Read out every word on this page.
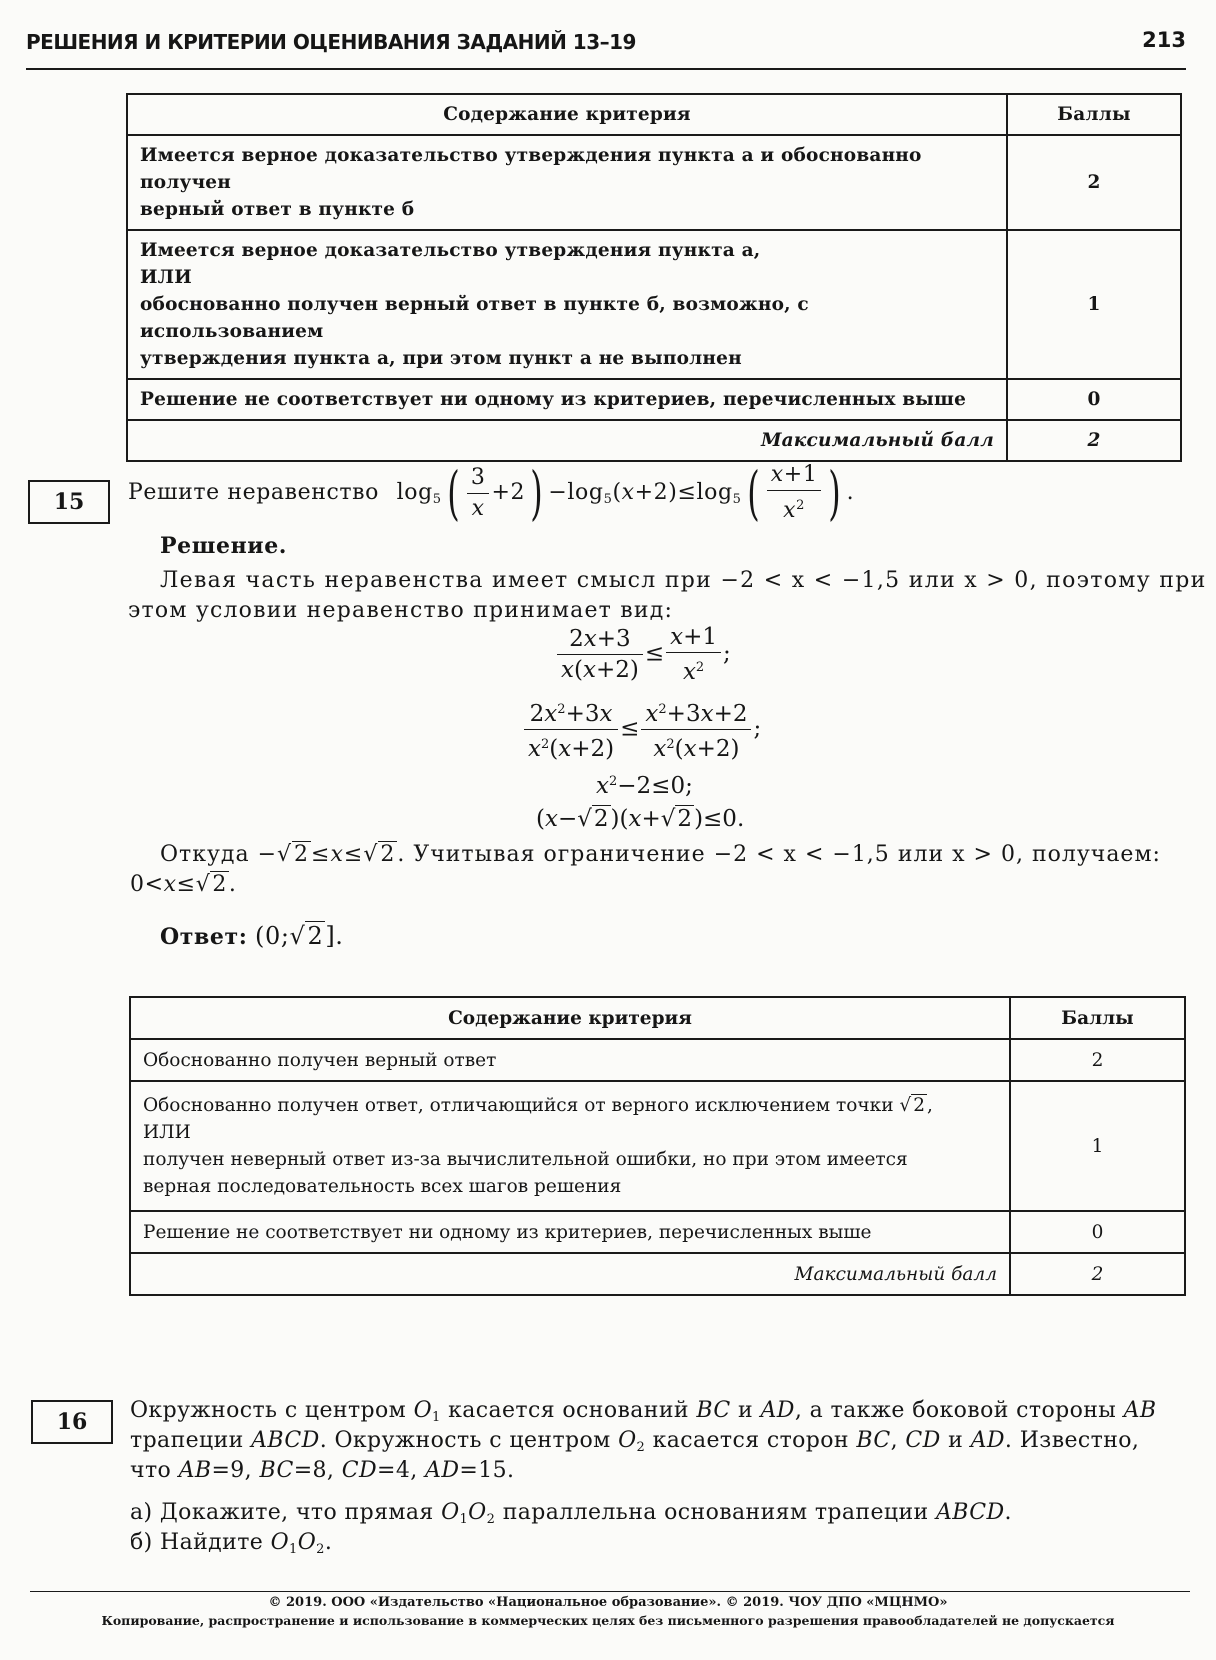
РЕШЕНИЯ И КРИТЕРИИ ОЦЕНИВАНИЯ ЗАДАНИЙ 13–19	213
Содержание критерия	Баллы

Имеется верное доказательство утверждения пункта а и обоснованно получен
верный ответ в пункте б	2

Имеется верное доказательство утверждения пункта а,
ИЛИ
обоснованно получен верный ответ в пункте б, возможно, с использованием
утверждения пункта а, при этом пункт а не выполнен	1
Решение не соответствует ни одному из критериев, перечисленных выше	0
Максимальный балл	2
15	Решите неравенство $\log_5( \frac{3}{x} +2) -\log_5(x+2)\le\log_5( \frac{x+1}{x^2}$ ) .
Решение.
Левая часть неравенства имеет смысл при −2 < x < −1,5 или x > 0, поэтому при
этом условии неравенство принимает вид:
$\frac{2x+3}{x(x+2)} \le \frac{x+1}{x^2}$ ;
$\frac{2x^2+3x}{x^2(x+2)} \le \frac{x^2+3x+2}{x^2(x+2)}$ ;
$x^2-2\le 0$;
(x−√2)(x+√2)≤0.
Откуда −√2≤x≤√2. Учитывая ограничение −2 < x < −1,5 или x > 0, получаем:
0<x≤√2.
Ответ: (0;√2].
Содержание критерия	Баллы
Обоснованно получен верный ответ	2

Обоснованно получен ответ, отличающийся от верного исключением точки √ 2 ,
ИЛИ
получен неверный ответ из-за вычислительной ошибки, но при этом имеется
верная последовательность всех шагов решения	1
Решение не соответствует ни одному из критериев, перечисленных выше	0
Максимальный балл	2
16	Окружность с центром $O_1$ касается оснований BC и AD, а также боковой стороны AB
трапеции ABCD. Окружность с центром $O_2$ касается сторон BC, CD и AD. Известно,
что AB=9, BC=8, CD=4, AD=15.
а) Докажите, что прямая $O_1O_2$ параллельна основаниям трапеции ABCD.
б) Найдите $O_1O_2$.
© 2019. ООО «Издательство «Национальное образование». © 2019. ЧОУ ДПО «МЦНМО»
Копирование, распространение и использование в коммерческих целях без письменного разрешения правообладателей не допускается
